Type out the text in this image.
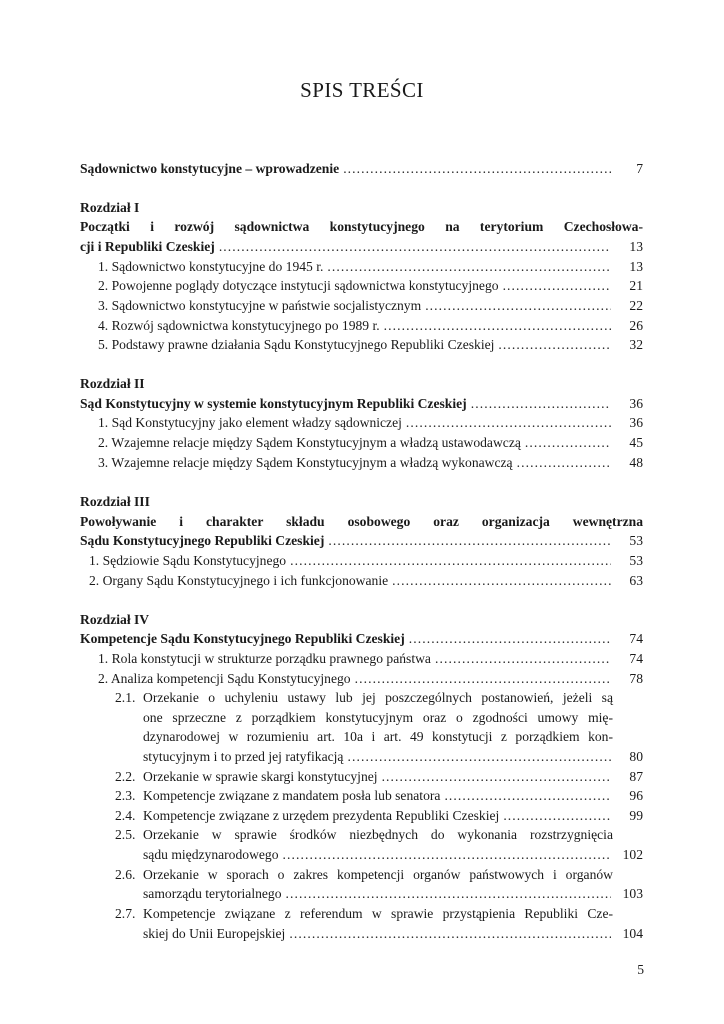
SPIS TREŚCI
Sądownictwo konstytucyjne – wprowadzenie .....	7
Rozdział I
Początki i rozwój sądownictwa konstytucyjnego na terytorium Czechosłowa-
cji i Republiki Czeskiej .....	13
1. Sądownictwo konstytucyjne do 1945 r. .....	13
2. Powojenne poglądy dotyczące instytucji sądownictwa konstytucyjnego .....	21
3. Sądownictwo konstytucyjne w państwie socjalistycznym .....	22
4. Rozwój sądownictwa konstytucyjnego po 1989 r. .....	26
5. Podstawy prawne działania Sądu Konstytucyjnego Republiki Czeskiej .....	32
Rozdział II
Sąd Konstytucyjny w systemie konstytucyjnym Republiki Czeskiej .....	36
1. Sąd Konstytucyjny jako element władzy sądowniczej .....	36
2. Wzajemne relacje między Sądem Konstytucyjnym a władzą ustawodawczą .....	45
3. Wzajemne relacje między Sądem Konstytucyjnym a władzą wykonawczą .....	48
Rozdział III
Powoływanie i charakter składu osobowego oraz organizacja wewnętrzna
Sądu Konstytucyjnego Republiki Czeskiej .....	53
1. Sędziowie Sądu Konstytucyjnego .....	53
2. Organy Sądu Konstytucyjnego i ich funkcjonowanie .....	63
Rozdział IV
Kompetencje Sądu Konstytucyjnego Republiki Czeskiej .....	74
1. Rola konstytucji w strukturze porządku prawnego państwa .....	74
2. Analiza kompetencji Sądu Konstytucyjnego .....	78
2.1. Orzekanie o uchyleniu ustawy lub jej poszczególnych postanowień, jeżeli są
one sprzeczne z porządkiem konstytucyjnym oraz o zgodności umowy mię-
dzynarodowej w rozumieniu art. 10a i art. 49 konstytucji z porządkiem kon-
stytucyjnym i to przed jej ratyfikacją .....	80
2.2. Orzekanie w sprawie skargi konstytucyjnej .....	87
2.3. Kompetencje związane z mandatem posła lub senatora .....	96
2.4. Kompetencje związane z urzędem prezydenta Republiki Czeskiej .....	99
2.5. Orzekanie w sprawie środków niezbędnych do wykonania rozstrzygnięcia
sądu międzynarodowego .....	102
2.6. Orzekanie w sporach o zakres kompetencji organów państwowych i organów
samorządu terytorialnego .....	103
2.7. Kompetencje związane z referendum w sprawie przystąpienia Republiki Cze-
skiej do Unii Europejskiej .....	104
5
